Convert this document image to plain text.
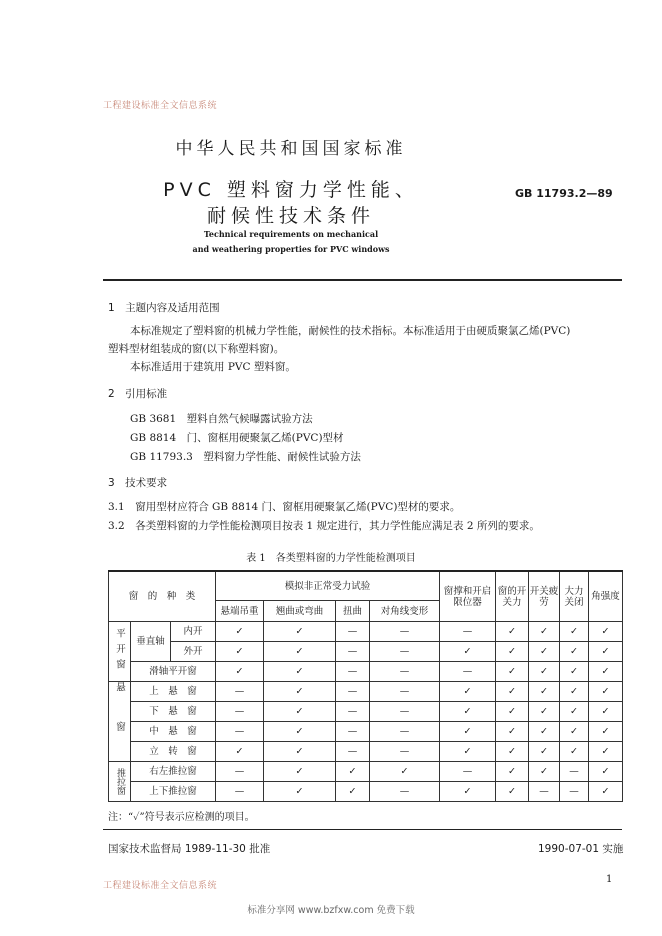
工程建设标准全文信息系统
中华人民共和国国家标准
PVC 塑料窗力学性能、
耐候性技术条件
GB 11793.2—89
Technical requirements on mechanical
and weathering properties for PVC windows
1　主题内容及适用范围
本标准规定了塑料窗的机械力学性能，耐候性的技术指标。本标准适用于由硬质聚氯乙烯(PVC)
塑料型材组装成的窗(以下称塑料窗)。
本标准适用于建筑用 PVC 塑料窗。
2　引用标准
GB 3681　塑料自然气候曝露试验方法
GB 8814　门、窗框用硬聚氯乙烯(PVC)型材
GB 11793.3　塑料窗力学性能、耐候性试验方法
3　技术要求
3.1　窗用型材应符合 GB 8814 门、窗框用硬聚氯乙烯(PVC)型材的要求。
3.2　各类塑料窗的力学性能检测项目按表 1 规定进行，其力学性能应满足表 2 所列的要求。
表 1　各类塑料窗的力学性能检测项目
窗　的　种　类			模拟非正常受力试验				窗撑和开启限位器	窗的开关力	开关疲劳	大力关闭	角强度
			悬端吊重	翘曲或弯曲	扭曲	对角线变形					
平开窗	垂直轴	内开	✓	✓	—	—	—	✓	✓	✓	✓
		外开	✓	✓	—	—	✓	✓	✓	✓	✓
	滑轴平开窗		✓	✓	—	—	—	✓	✓	✓	✓
悬窗	上　悬　窗		—	✓	—	—	✓	✓	✓	✓	✓
	下　悬　窗		—	✓	—	—	✓	✓	✓	✓	✓
	中　悬　窗		—	✓	—	—	✓	✓	✓	✓	✓
	立　转　窗		✓	✓	—	—	✓	✓	✓	✓	✓
推拉窗	右左推拉窗		—	✓	✓	✓	—	✓	✓	—	✓
	上下推拉窗		—	✓	✓	—	✓	✓	—	—	✓
注：“✓”符号表示应检测的项目。
国家技术监督局 1989-11-30 批准	1990-07-01 实施
工程建设标准全文信息系统
1
标准分享网 www.bzfxw.com 免费下载
